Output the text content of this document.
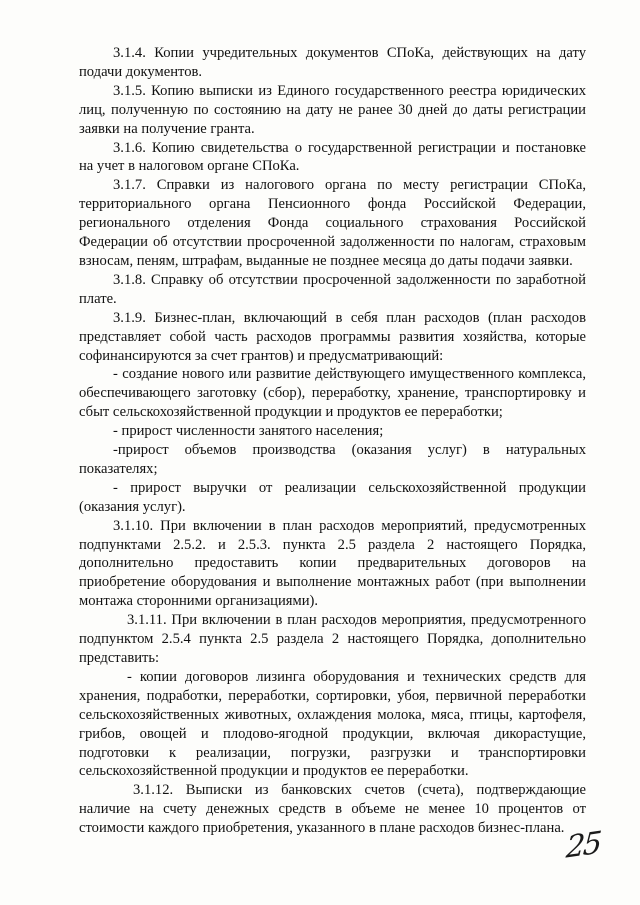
3.1.4. Копии учредительных документов СПоКа, действующих на дату подачи документов.

3.1.5. Копию выписки из Единого государственного реестра юридических лиц, полученную по состоянию на дату не ранее 30 дней до даты регистрации заявки на получение гранта.

3.1.6. Копию свидетельства о государственной регистрации и постановке на учет в налоговом органе СПоКа.

3.1.7. Справки из налогового органа по месту регистрации СПоКа, территориального органа Пенсионного фонда Российской Федерации, регионального отделения Фонда социального страхования Российской Федерации об отсутствии просроченной задолженности по налогам, страховым взносам, пеням, штрафам, выданные не позднее месяца до даты подачи заявки.

3.1.8. Справку об отсутствии просроченной задолженности по заработной плате.

3.1.9. Бизнес-план, включающий в себя план расходов (план расходов представляет собой часть расходов программы развития хозяйства, которые софинансируются за счет грантов) и предусматривающий:

- создание нового или развитие действующего имущественного комплекса, обеспечивающего заготовку (сбор), переработку, хранение, транспортировку и сбыт сельскохозяйственной продукции и продуктов ее переработки;

- прирост численности занятого населения;

-прирост объемов производства (оказания услуг) в натуральных показателях;

- прирост выручки от реализации сельскохозяйственной продукции (оказания услуг).

3.1.10. При включении в план расходов мероприятий, предусмотренных подпунктами 2.5.2. и 2.5.3. пункта 2.5 раздела 2 настоящего Порядка, дополнительно предоставить копии предварительных договоров на приобретение оборудования и выполнение монтажных работ (при выполнении монтажа сторонними организациями).

3.1.11. При включении в план расходов мероприятия, предусмотренного подпунктом 2.5.4 пункта 2.5 раздела 2 настоящего Порядка, дополнительно представить:

- копии договоров лизинга оборудования и технических средств для хранения, подработки, переработки, сортировки, убоя, первичной переработки сельскохозяйственных животных, охлаждения молока, мяса, птицы, картофеля, грибов, овощей и плодово-ягодной продукции, включая дикорастущие, подготовки к реализации, погрузки, разгрузки и транспортировки сельскохозяйственной продукции и продуктов ее переработки.

3.1.12. Выписки из банковских счетов (счета), подтверждающие наличие на счету денежных средств в объеме не менее 10 процентов от стоимости каждого приобретения, указанного в плане расходов бизнес-плана. 25
